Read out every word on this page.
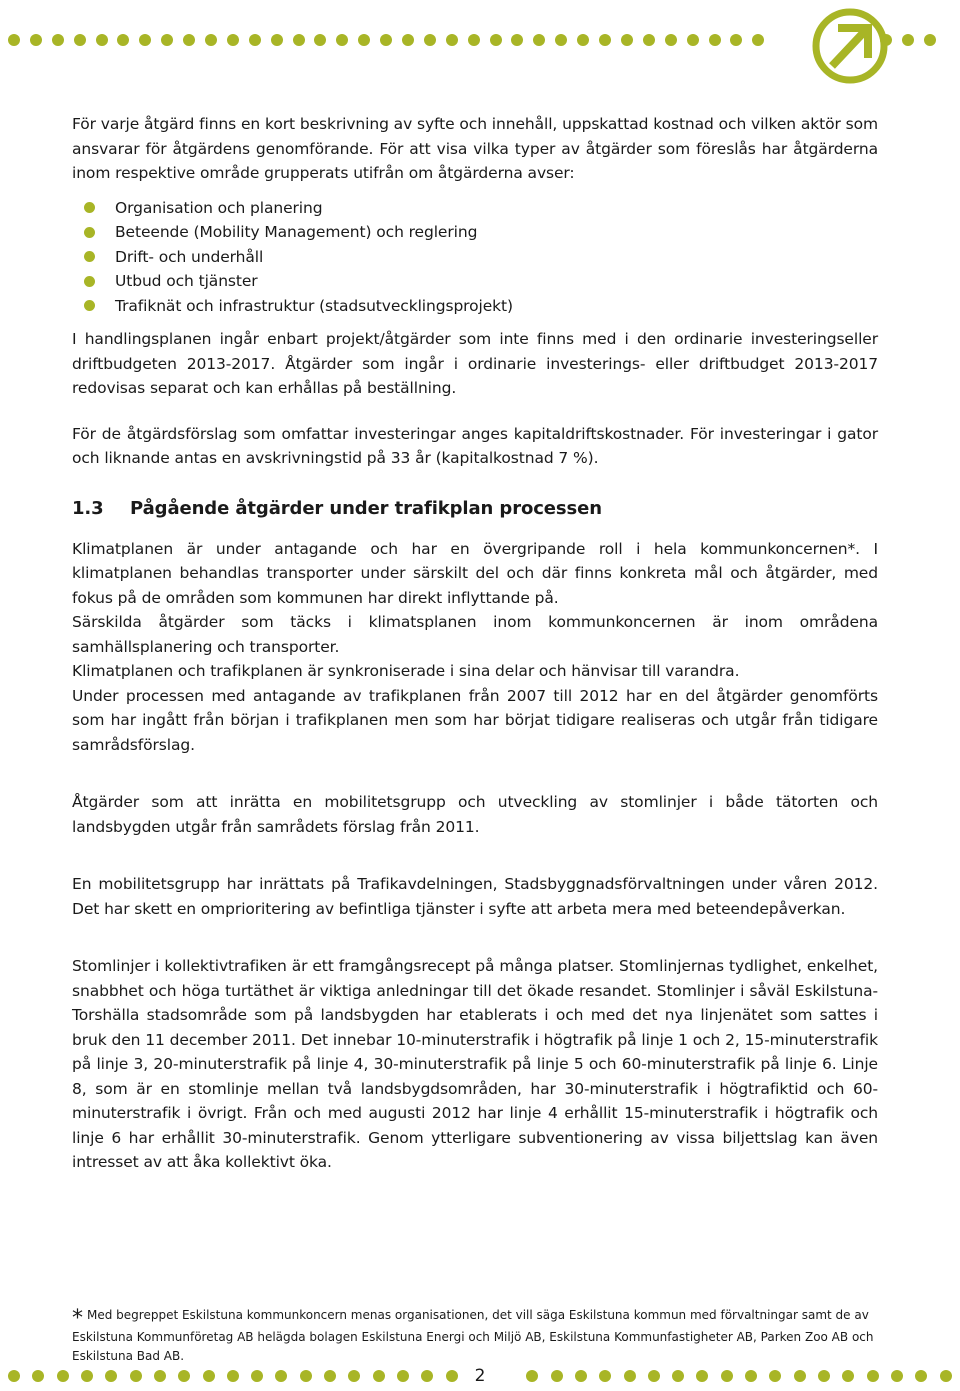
För varje åtgärd finns en kort beskrivning av syfte och innehåll, uppskattad kostnad och vilken aktör som ansvarar för åtgärdens genomförande. För att visa vilka typer av åtgärder som föreslås har åtgärderna inom respektive område grupperats utifrån om åtgärderna avser:

Organisation och planering
Beteende (Mobility Management) och reglering
Drift- och underhåll
Utbud och tjänster
Trafiknät och infrastruktur (stadsutvecklingsprojekt)

I handlingsplanen ingår enbart projekt/åtgärder som inte finns med i den ordinarie investeringseller driftbudgeten 2013-2017. Åtgärder som ingår i ordinarie investerings- eller driftbudget 2013-2017 redovisas separat och kan erhållas på beställning.

För de åtgärdsförslag som omfattar investeringar anges kapitaldriftskostnader. För investeringar i gator och liknande antas en avskrivningstid på 33 år (kapitalkostnad 7 %).

1.3	Pågående åtgärder under trafikplan processen

Klimatplanen är under antagande och har en övergripande roll i hela kommunkoncernen*. I klimatplanen behandlas transporter under särskilt del och där finns konkreta mål och åtgärder, med fokus på de områden som kommunen har direkt inflyttande på.

Särskilda åtgärder som täcks i klimatsplanen inom kommunkoncernen är inom områdena samhällsplanering och transporter.

Klimatplanen och trafikplanen är synkroniserade i sina delar och hänvisar till varandra.

Under processen med antagande av trafikplanen från 2007 till 2012 har en del åtgärder genomförts som har ingått från början i trafikplanen men som har börjat tidigare realiseras och utgår från tidigare samrådsförslag.

Åtgärder som att inrätta en mobilitetsgrupp och utveckling av stomlinjer i både tätorten och landsbygden utgår från samrådets förslag från 2011.

En mobilitetsgrupp har inrättats på Trafikavdelningen, Stadsbyggnadsförvaltningen under våren 2012. Det har skett en omprioritering av befintliga tjänster i syfte att arbeta mera med beteendepåverkan.

Stomlinjer i kollektivtrafiken är ett framgångsrecept på många platser. Stomlinjernas tydlighet, enkelhet, snabbhet och höga turtäthet är viktiga anledningar till det ökade resandet. Stomlinjer i såväl Eskilstuna-Torshälla stadsområde som på landsbygden har etablerats i och med det nya linjenätet som sattes i bruk den 11 december 2011. Det innebar 10-minuterstrafik i högtrafik på linje 1 och 2, 15-minuterstrafik på linje 3, 20-minuterstrafik på linje 4, 30-minuterstrafik på linje 5 och 60-minuterstrafik på linje 6. Linje 8, som är en stomlinje mellan två landsbygdsområden, har 30-minuterstrafik i högtrafiktid och 60-minuterstrafik i övrigt. Från och med augusti 2012 har linje 4 erhållit 15-minuterstrafik i högtrafik och linje 6 har erhållit 30-minuterstrafik. Genom ytterligare subventionering av vissa biljettslag kan även intresset av att åka kollektivt öka.

* Med begreppet Eskilstuna kommunkoncern menas organisationen, det vill säga Eskilstuna kommun med förvaltningar samt de av Eskilstuna Kommunföretag AB helägda bolagen Eskilstuna Energi och Miljö AB, Eskilstuna Kommunfastigheter AB, Parken Zoo AB och Eskilstuna Bad AB.
2
